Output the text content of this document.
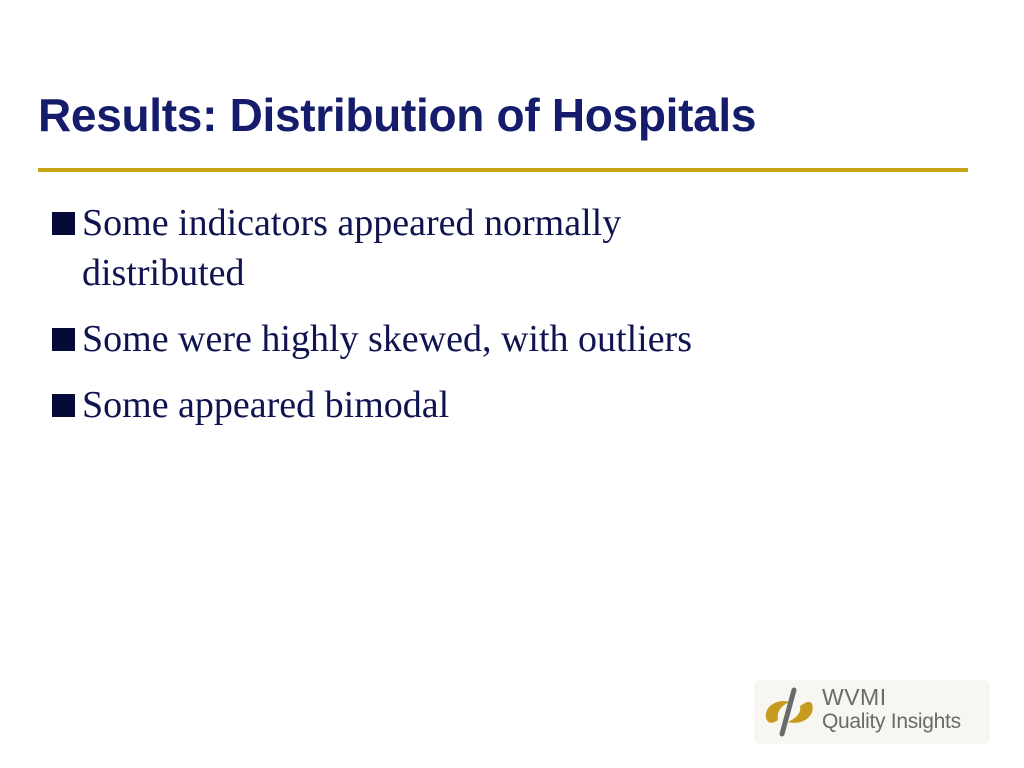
Results: Distribution of Hospitals
Some indicators appeared normally distributed
Some were highly skewed, with outliers
Some appeared bimodal
WVMI
Quality Insights
